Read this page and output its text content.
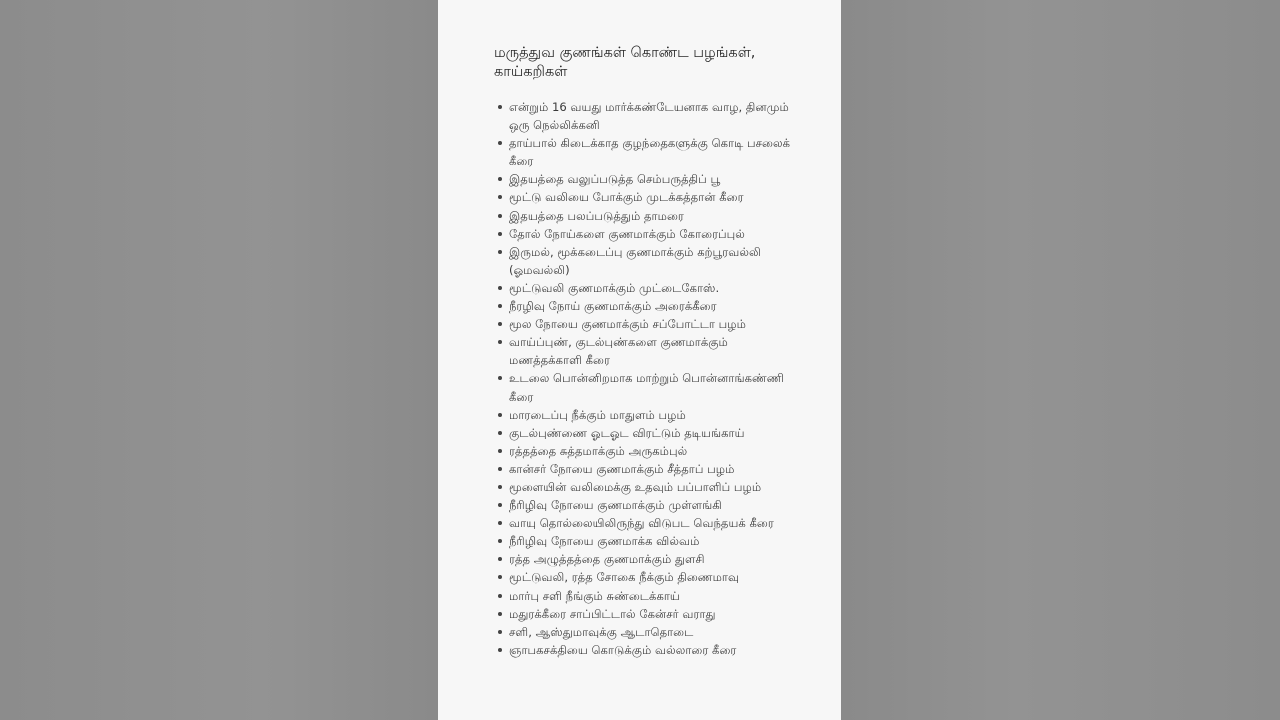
மருத்துவ குணங்கள் கொண்ட பழங்கள், காய்கறிகள்
என்றும் 16 வயது மார்க்கண்டேயனாக வாழ, தினமும் ஒரு நெல்லிக்கனி
தாய்பால் கிடைக்காத குழந்தைகளுக்கு கொடி பசலைக் கீரை
இதயத்தை வலுப்படுத்த செம்பருத்திப் பூ
மூட்டு வலியை போக்கும் முடக்கத்தான் கீரை
இதயத்தை பலப்படுத்தும் தாமரை
தோல் நோய்களை குணமாக்கும் கோரைப்புல்
இருமல், மூக்கடைப்பு குணமாக்கும் கற்பூரவல்லி (ஓமவல்லி)
மூட்டுவலி குணமாக்கும் முட்டைகோஸ்.
நீரழிவு நோய் குணமாக்கும் அரைக்கீரை
மூல நோயை குணமாக்கும் சப்போட்டா பழம்
வாய்ப்புண், குடல்புண்களை குணமாக்கும் மணத்தக்காளி கீரை
உடலை பொன்னிறமாக மாற்றும் பொன்னாங்கண்ணி கீரை
மாரடைப்பு நீக்கும் மாதுளம் பழம்
குடல்புண்ணை ஓடஓட விரட்டும் தடியங்காய்
ரத்தத்தை சுத்தமாக்கும் அருகம்புல்
கான்சர் நோயை குணமாக்கும் சீத்தாப் பழம்
மூளையின் வலிமைக்கு உதவும் பப்பாளிப் பழம்
நீரிழிவு நோயை குணமாக்கும் முள்ளங்கி
வாயு தொல்லையிலிருந்து விடுபட வெந்தயக் கீரை
நீரிழிவு நோயை குணமாக்க வில்வம்
ரத்த அழுத்தத்தை குணமாக்கும் துளசி
மூட்டுவலி, ரத்த சோகை நீக்கும் திணைமாவு
மார்பு சளி நீங்கும் சுண்டைக்காய்
மதுரக்கீரை சாப்பிட்டால் கேன்சர் வராது
சளி, ஆஸ்துமாவுக்கு ஆடாதொடை
ஞாபகசக்தியை கொடுக்கும் வல்லாரை கீரை
